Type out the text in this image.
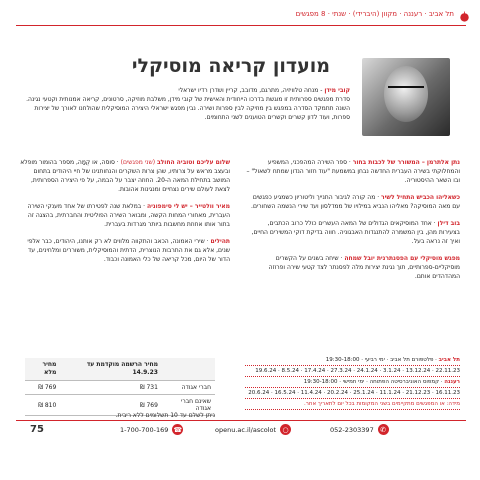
תל אביב · רעננה · מקוון (היברידי) · שנתי · 8 מפגשים
מועדון קריאה מוסיקלי
קובי מידן - מנחה טלוויזיה, מתרגם, מדובב, קריין ושדרן רדיו ישראלי
סדרת מפגשים ספרותית זו מוגשת בדרכו הייחודית והאישית של קובי מידן, משלבת מוזיקה, סרטונים, קריאה אמנותית וקטעי נגינה. השנה תתמקד הסדרה במפגש בין מוזיקה לבין ספרות ושירה. נבין מפגש ישראלי היצירה המוסיקלית שהולחנו לאורך של יצירות ספרות, ועוד לדון קשרים וקשרים הטוענים לשני התחומים.

נתן אלתרמן – המשורר של לכבות בחור · ספר השירה המהפכני, המשפיע והמחלוקתי בשירה העברית החדשה נבחן במשמעת "עוד חזור הנדון שמתח לשאול" – ובו השאר ההיסטוריה.

כשאליהו הכביש התחיל לשיר · מה קורה לגיבור התנייך וליטוריון כשמגיע כפגשים עם מאה המוסיקה? מאליהו הנביא במילויו של ממדלסון ועד שירי הנשמה השחורים.

בוב דילן · אחד המוסיקאים הגדולים של המאה העשרים כולל כרוב הכתבים, בצעירות מהן, בין המשמרה להתנגדות האבגוניה. חווה בדיקת דוקי המשירים החיים, ואיך זה נראה בעל.

מפגש מוסיקלי עם הפסנתרנית יובל שמחה · שיחה בשנים על הקשרים מוסיקליים-ספרותיים, תוך נגינת יצירות מלה לפסנתר לצד קטעי שירה ופרוזה המהדהדים אותם.

שלום עליכם וטוביה החולב (שני מפגשים) · סוסה, או קְמָה, מספר בהומור מופלא ובעצב מראש על צרותיו, שהן צרות השקרים והנחותנינו של חיי היהודים בתחום המושב בתחילת המאה ה-20. החוזה יצבר על הבמה, על פי היצירה הספרותית, לצאת לעולם שירים נצחיים ומנגינות אהובות.

מאיר וולטייר – יש לי סימפוניה · במלאת שנה לפטירתו של אחד מענקי השירה העברית, מאחורי המחות הקשה, ומבואר השירה הפוליטית והחברתית, בהצגה זה בתור אותו אחוזת מחשבות ביותר מגרדות בעברית.

תהילים · שירי האמונה, הכאב והתקווה מלווים לא רק אותנו, היהודים, כבר אלפי שנים, אלא גם את התרבות הנוצרית, הדתית והמוסיקלית, משוררים ומלחינים, עד הדור של היום, מכל קריאה של כלי האמונה וכבוד.

תל אביב · פלטפורם תל אביב · ימי רביעי · 19:30-18:00
22.11.23 · 13.12.24 · 3.1.24 · 24.1.24 · 27.3.24 · 17.4.24 · 8.5.24 · 19.6.24
רעננה · קמפוס האוניברסיטה הפתוחה · ימי חמישי · 19:30-18:00
16.11.23 · 21.12.23 · 11.1.24 · 25.1.24 · 20.2.24 · 11.4.24 · 16.5.24 · 20.6.24
מידה: או המפגשים מתקיימים בשני המקומות בכל יום לתאריך אחר.
	מחיר הרשמה מוקדמת עד 14.9.23	מחיר מלא
חברי אגודה	731 ₪	769 ₪
שאינם חברי אגודה	769 ₪	810 ₪
ניתן לשלם עד 10 תשלומים ללא ריבית.
75	1-700-700-169 ☎	openu.ac.il/ascolot ○	052-2303397 ✆
